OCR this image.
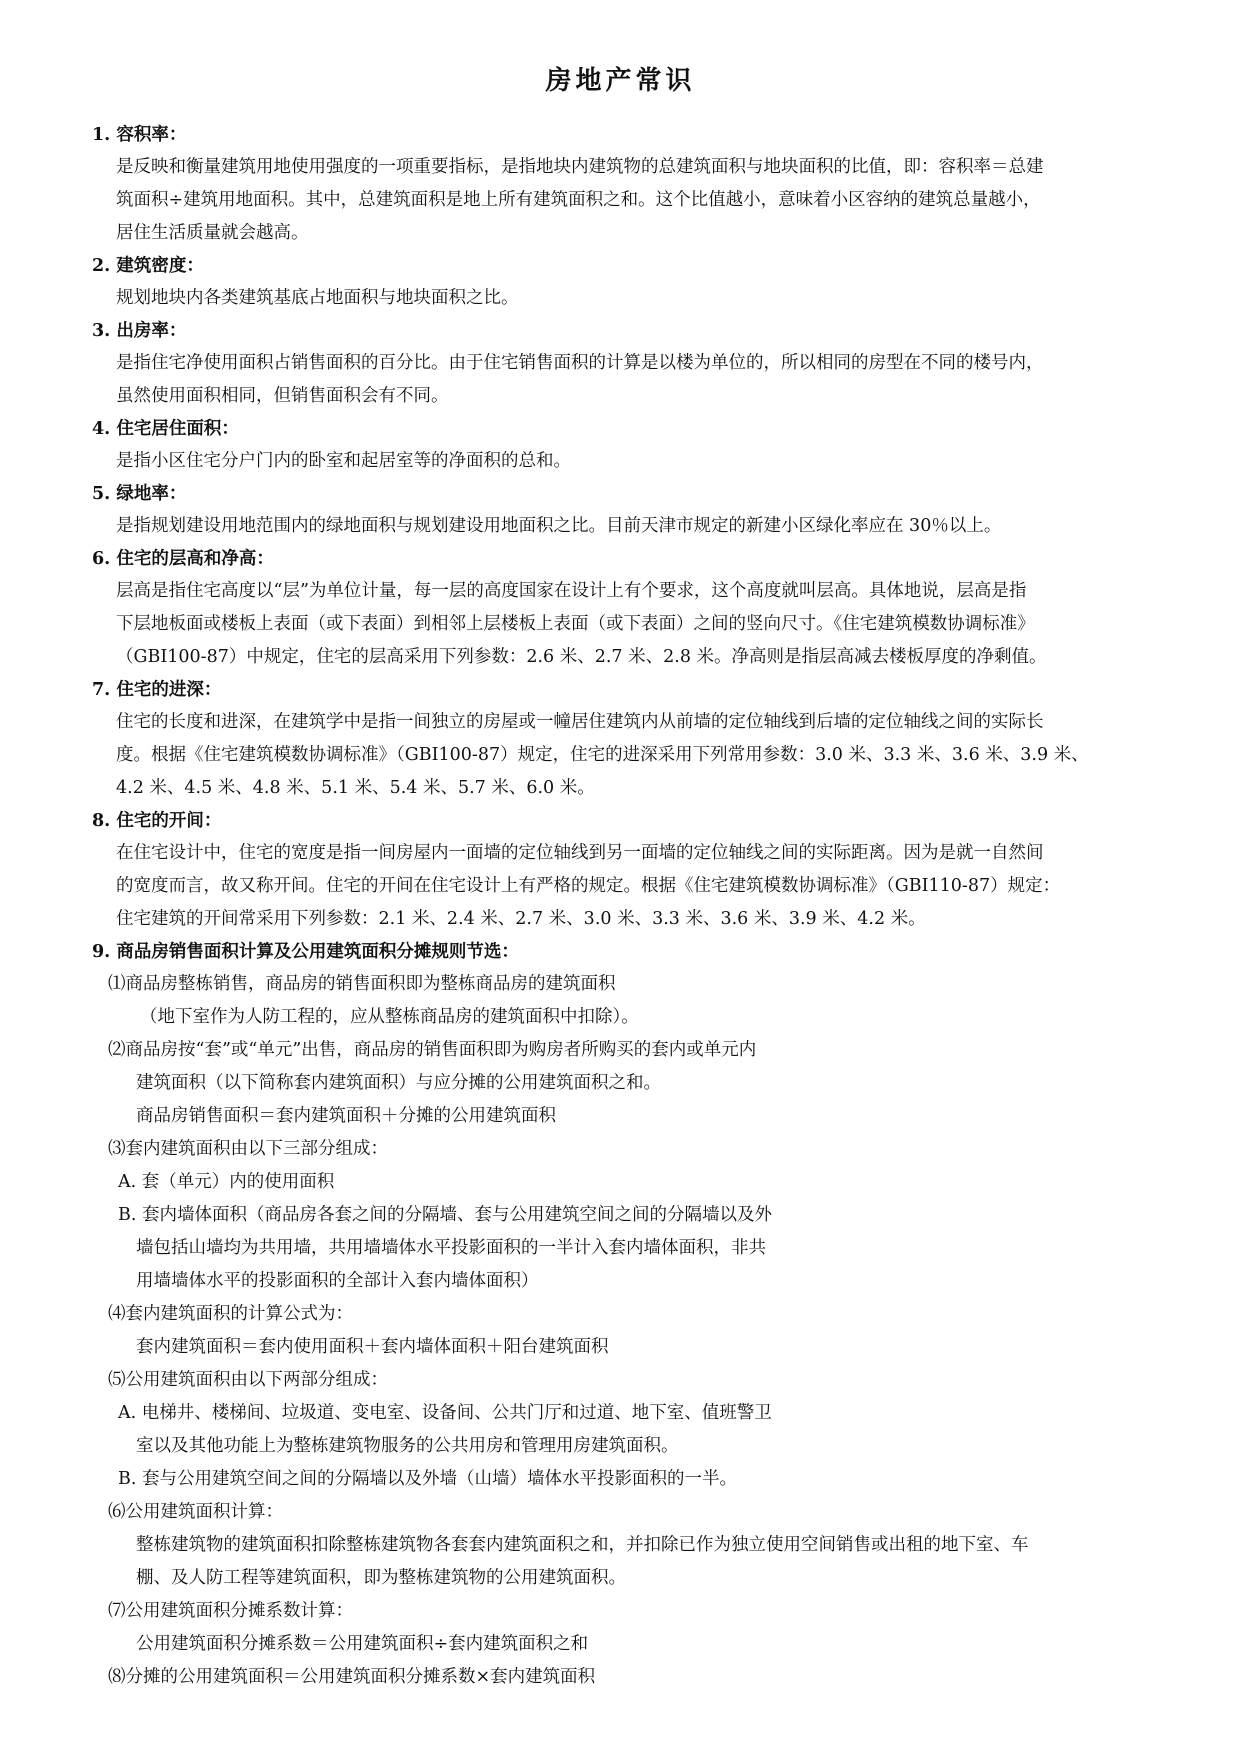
房地产常识
1. 容积率：
是反映和衡量建筑用地使用强度的一项重要指标，是指地块内建筑物的总建筑面积与地块面积的比值，即：容积率＝总建
筑面积÷建筑用地面积。其中，总建筑面积是地上所有建筑面积之和。这个比值越小，意味着小区容纳的建筑总量越小，
居住生活质量就会越高。
2. 建筑密度：
规划地块内各类建筑基底占地面积与地块面积之比。
3. 出房率：
是指住宅净使用面积占销售面积的百分比。由于住宅销售面积的计算是以楼为单位的，所以相同的房型在不同的楼号内，
虽然使用面积相同，但销售面积会有不同。
4. 住宅居住面积：
是指小区住宅分户门内的卧室和起居室等的净面积的总和。
5. 绿地率：
是指规划建设用地范围内的绿地面积与规划建设用地面积之比。目前天津市规定的新建小区绿化率应在 30％以上。
6. 住宅的层高和净高：
层高是指住宅高度以“层”为单位计量，每一层的高度国家在设计上有个要求，这个高度就叫层高。具体地说，层高是指
下层地板面或楼板上表面（或下表面）到相邻上层楼板上表面（或下表面）之间的竖向尺寸。《住宅建筑模数协调标准》
（GBI100-87）中规定，住宅的层高采用下列参数：2.6 米、2.7 米、2.8 米。净高则是指层高减去楼板厚度的净剩值。
7. 住宅的进深：
住宅的长度和进深，在建筑学中是指一间独立的房屋或一幢居住建筑内从前墙的定位轴线到后墙的定位轴线之间的实际长
度。根据《住宅建筑模数协调标准》（GBI100-87）规定，住宅的进深采用下列常用参数：3.0 米、3.3 米、3.6 米、3.9 米、
4.2 米、4.5 米、4.8 米、5.1 米、5.4 米、5.7 米、6.0 米。
8. 住宅的开间：
在住宅设计中，住宅的宽度是指一间房屋内一面墙的定位轴线到另一面墙的定位轴线之间的实际距离。因为是就一自然间
的宽度而言，故又称开间。住宅的开间在住宅设计上有严格的规定。根据《住宅建筑模数协调标准》（GBI110-87）规定：
住宅建筑的开间常采用下列参数：2.1 米、2.4 米、2.7 米、3.0 米、3.3 米、3.6 米、3.9 米、4.2 米。
9. 商品房销售面积计算及公用建筑面积分摊规则节选：
⑴商品房整栋销售，商品房的销售面积即为整栋商品房的建筑面积
（地下室作为人防工程的，应从整栋商品房的建筑面积中扣除）。
⑵商品房按“套”或“单元”出售，商品房的销售面积即为购房者所购买的套内或单元内
建筑面积（以下简称套内建筑面积）与应分摊的公用建筑面积之和。
商品房销售面积＝套内建筑面积＋分摊的公用建筑面积
⑶套内建筑面积由以下三部分组成：
A. 套（单元）内的使用面积
B. 套内墙体面积（商品房各套之间的分隔墙、套与公用建筑空间之间的分隔墙以及外
墙包括山墙均为共用墙，共用墙墙体水平投影面积的一半计入套内墙体面积，非共
用墙墙体水平的投影面积的全部计入套内墙体面积）
⑷套内建筑面积的计算公式为：
套内建筑面积＝套内使用面积＋套内墙体面积＋阳台建筑面积
⑸公用建筑面积由以下两部分组成：
A. 电梯井、楼梯间、垃圾道、变电室、设备间、公共门厅和过道、地下室、值班警卫
室以及其他功能上为整栋建筑物服务的公共用房和管理用房建筑面积。
B. 套与公用建筑空间之间的分隔墙以及外墙（山墙）墙体水平投影面积的一半。
⑹公用建筑面积计算：
整栋建筑物的建筑面积扣除整栋建筑物各套套内建筑面积之和，并扣除已作为独立使用空间销售或出租的地下室、车
棚、及人防工程等建筑面积，即为整栋建筑物的公用建筑面积。
⑺公用建筑面积分摊系数计算：
公用建筑面积分摊系数＝公用建筑面积÷套内建筑面积之和
⑻分摊的公用建筑面积＝公用建筑面积分摊系数×套内建筑面积
